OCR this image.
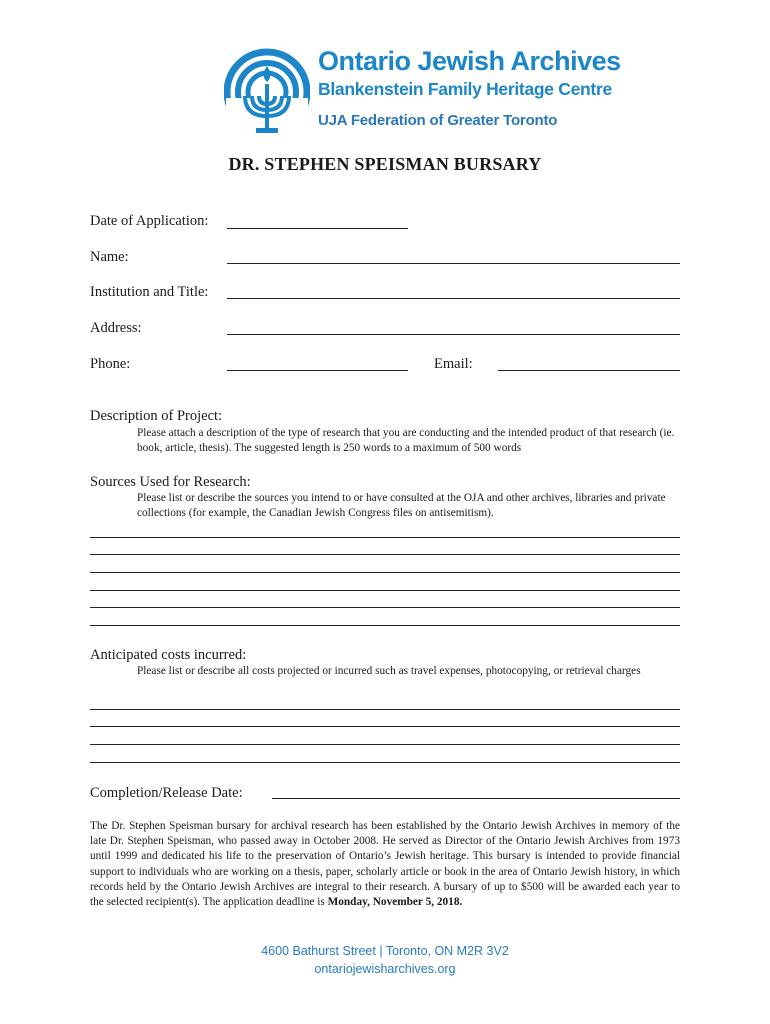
Ontario Jewish Archives
Blankenstein Family Heritage Centre
UJA Federation of Greater Toronto
DR. STEPHEN SPEISMAN BURSARY
Date of Application:
Name:
Institution and Title:
Address:
Phone:	Email:
Description of Project:
Please attach a description of the type of research that you are conducting and the intended product of that research (ie. book, article, thesis). The suggested length is 250 words to a maximum of 500 words
Sources Used for Research:
Please list or describe the sources you intend to or have consulted at the OJA and other archives, libraries and private collections (for example, the Canadian Jewish Congress files on antisemitism).
Anticipated costs incurred:
Please list or describe all costs projected or incurred such as travel expenses, photocopying, or retrieval charges
Completion/Release Date:
The Dr. Stephen Speisman bursary for archival research has been established by the Ontario Jewish Archives in memory of the late Dr. Stephen Speisman, who passed away in October 2008. He served as Director of the Ontario Jewish Archives from 1973 until 1999 and dedicated his life to the preservation of Ontario’s Jewish heritage. This bursary is intended to provide financial support to individuals who are working on a thesis, paper, scholarly article or book in the area of Ontario Jewish history, in which records held by the Ontario Jewish Archives are integral to their research. A bursary of up to $500 will be awarded each year to the selected recipient(s). The application deadline is Monday, November 5, 2018.
4600 Bathurst Street | Toronto, ON M2R 3V2
ontariojewisharchives.org
